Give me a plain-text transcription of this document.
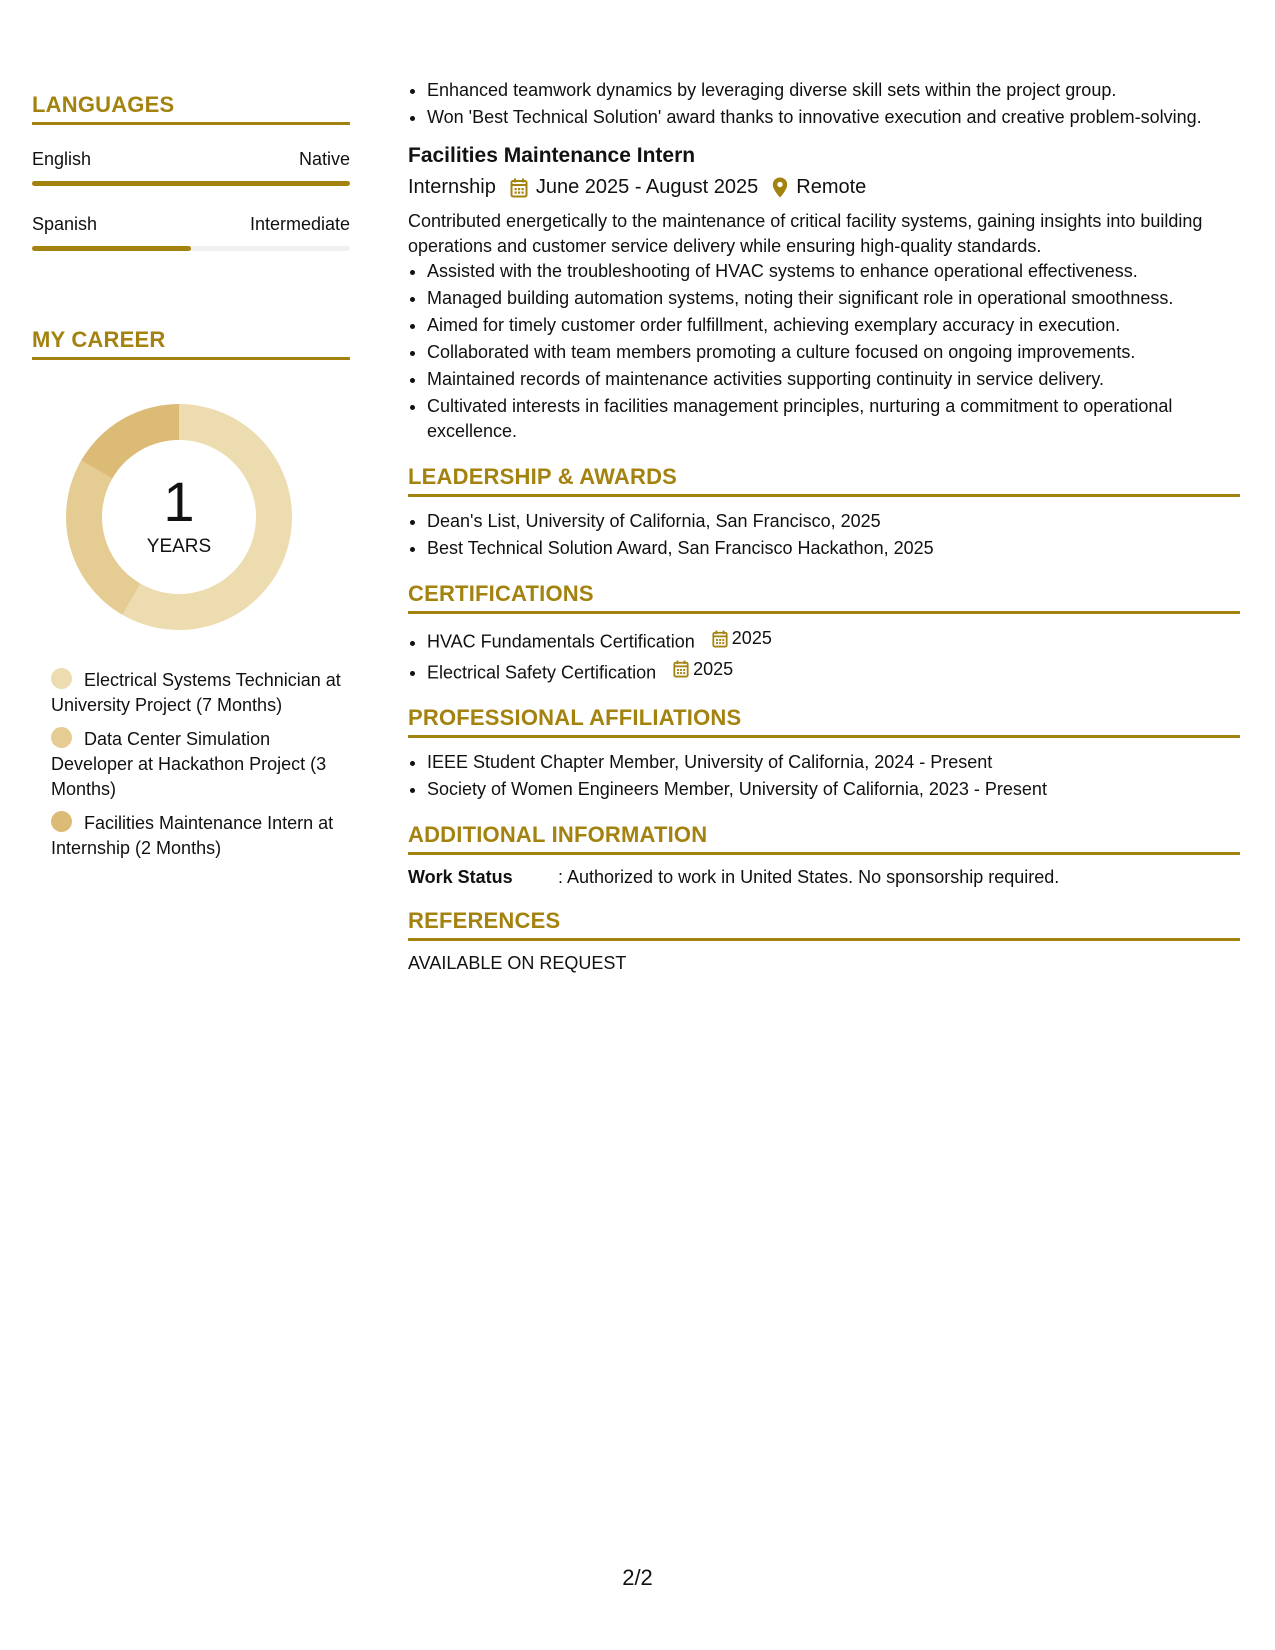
LANGUAGES
English	Native
Spanish	Intermediate
MY CAREER
1
YEARS
Electrical Systems Technician at University Project (7 Months)
Data Center Simulation Developer at Hackathon Project (3 Months)
Facilities Maintenance Intern at Internship (2 Months)
• Enhanced teamwork dynamics by leveraging diverse skill sets within the project group.
• Won 'Best Technical Solution' award thanks to innovative execution and creative problem-solving.
Facilities Maintenance Intern
Internship June 2025 - August 2025 Remote
Contributed energetically to the maintenance of critical facility systems, gaining insights into building operations and customer service delivery while ensuring high-quality standards.
• Assisted with the troubleshooting of HVAC systems to enhance operational effectiveness.
• Managed building automation systems, noting their significant role in operational smoothness.
• Aimed for timely customer order fulfillment, achieving exemplary accuracy in execution.
• Collaborated with team members promoting a culture focused on ongoing improvements.
• Maintained records of maintenance activities supporting continuity in service delivery.
• Cultivated interests in facilities management principles, nurturing a commitment to operational excellence.
LEADERSHIP & AWARDS
• Dean's List, University of California, San Francisco, 2025
• Best Technical Solution Award, San Francisco Hackathon, 2025
CERTIFICATIONS
• HVAC Fundamentals Certification 2025
• Electrical Safety Certification 2025
PROFESSIONAL AFFILIATIONS
• IEEE Student Chapter Member, University of California, 2024 - Present
• Society of Women Engineers Member, University of California, 2023 - Present
ADDITIONAL INFORMATION
Work Status	: Authorized to work in United States. No sponsorship required.
REFERENCES
AVAILABLE ON REQUEST
2/2
